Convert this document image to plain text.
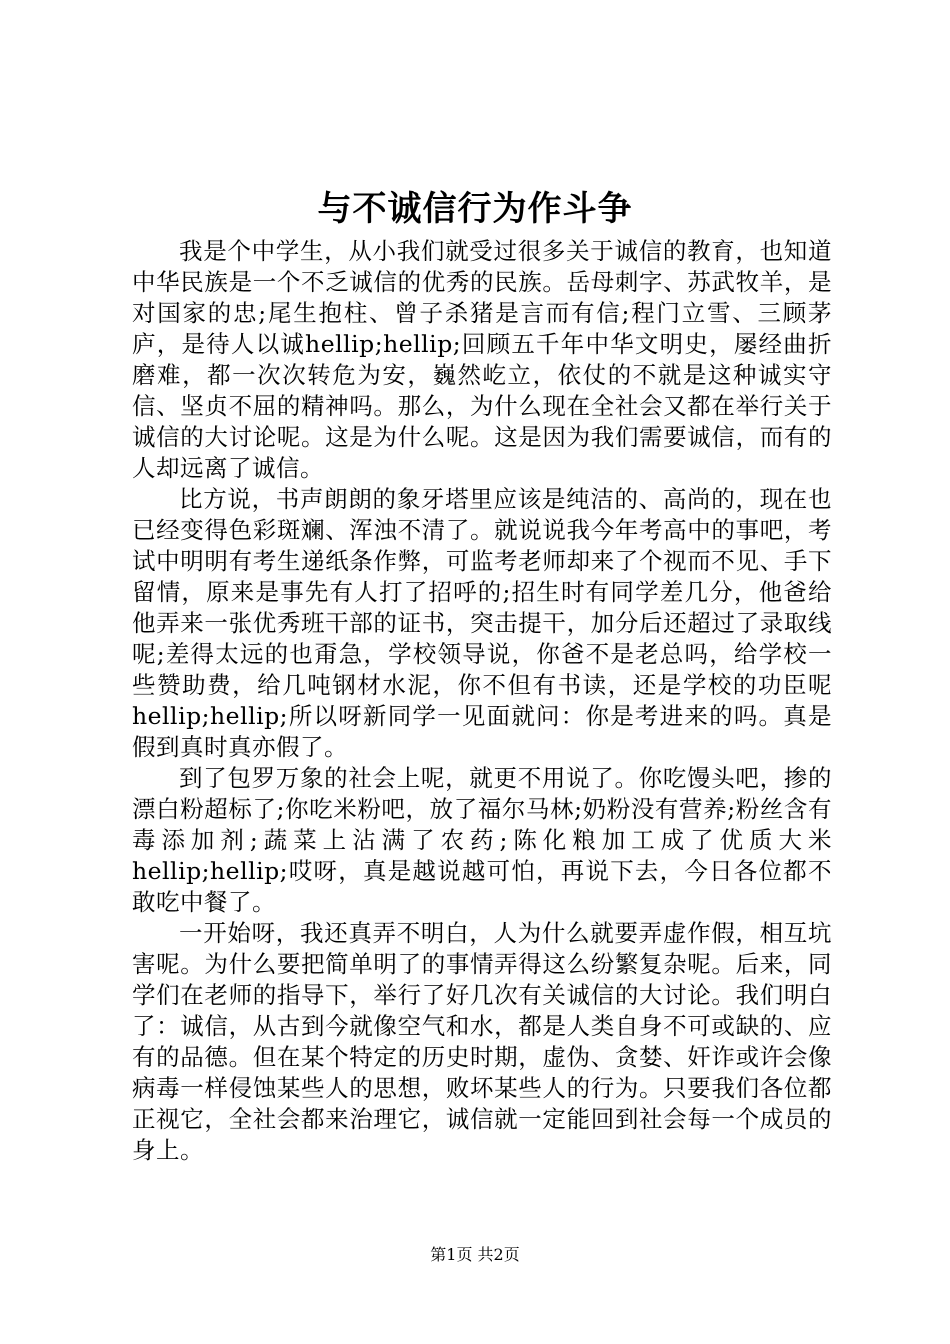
与不诚信行为作斗争

我是个中学生，从小我们就受过很多关于诚信的教育，也知道中华民族是一个不乏诚信的优秀的民族。岳母刺字、苏武牧羊，是对国家的忠;尾生抱柱、曾子杀猪是言而有信;程门立雪、三顾茅庐，是待人以诚hellip;hellip;回顾五千年中华文明史，屡经曲折磨难，都一次次转危为安，巍然屹立，依仗的不就是这种诚实守信、坚贞不屈的精神吗。那么，为什么现在全社会又都在举行关于诚信的大讨论呢。这是为什么呢。这是因为我们需要诚信，而有的人却远离了诚信。

比方说，书声朗朗的象牙塔里应该是纯洁的、高尚的，现在也已经变得色彩斑斓、浑浊不清了。就说说我今年考高中的事吧，考试中明明有考生递纸条作弊，可监考老师却来了个视而不见、手下留情，原来是事先有人打了招呼的;招生时有同学差几分，他爸给他弄来一张优秀班干部的证书，突击提干，加分后还超过了录取线呢;差得太远的也甭急，学校领导说，你爸不是老总吗，给学校一些赞助费，给几吨钢材水泥，你不但有书读，还是学校的功臣呢hellip;hellip;所以呀新同学一见面就问：你是考进来的吗。真是假到真时真亦假了。

到了包罗万象的社会上呢，就更不用说了。你吃馒头吧，掺的漂白粉超标了;你吃米粉吧，放了福尔马林;奶粉没有营养;粉丝含有毒添加剂;蔬菜上沾满了农药;陈化粮加工成了优质大米hellip;hellip;哎呀，真是越说越可怕，再说下去，今日各位都不敢吃中餐了。

一开始呀，我还真弄不明白，人为什么就要弄虚作假，相互坑害呢。为什么要把简单明了的事情弄得这么纷繁复杂呢。后来，同学们在老师的指导下，举行了好几次有关诚信的大讨论。我们明白了：诚信，从古到今就像空气和水，都是人类自身不可或缺的、应有的品德。但在某个特定的历史时期，虚伪、贪婪、奸诈或许会像病毒一样侵蚀某些人的思想，败坏某些人的行为。只要我们各位都正视它，全社会都来治理它，诚信就一定能回到社会每一个成员的身上。

第1页 共2页
